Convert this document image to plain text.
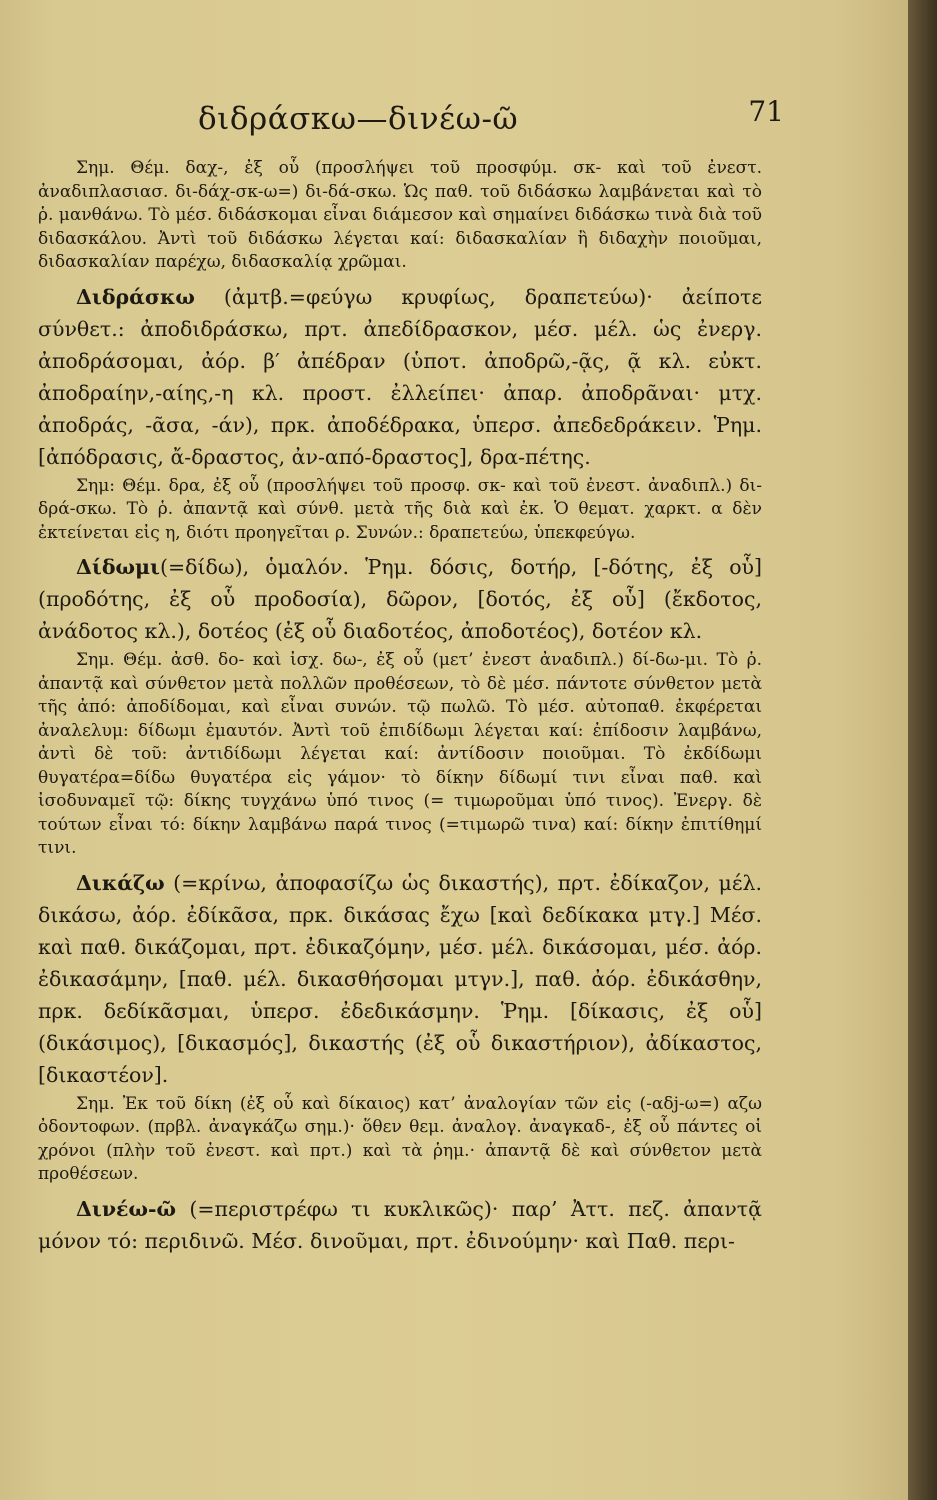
διδράσκω—δινέω-ῶ	71

Σημ. Θέμ. δαχ-, ἐξ οὗ (προσλήψει τοῦ προσφύμ. σκ- καὶ τοῦ ἐνεστ. ἀναδιπλασιασ. δι-δάχ-σκ-ω=) δι-δά-σκω. Ὡς παθ. τοῦ διδάσκω λαμβάνεται καὶ τὸ ῥ. μανθάνω. Τὸ μέσ. διδάσκομαι εἶναι διάμεσον καὶ σημαίνει διδάσκω τινὰ διὰ τοῦ διδασκάλου. Ἀντὶ τοῦ διδάσκω λέγεται καί: διδασκαλίαν ἢ διδαχὴν ποιοῦμαι, διδασκαλίαν παρέχω, διδασκαλίᾳ χρῶμαι.

Διδράσκω (ἀμτβ.=φεύγω κρυφίως, δραπετεύω)· ἀείποτε σύνθετ.: ἀποδιδράσκω, πρτ. ἀπεδίδρασκον, μέσ. μέλ. ὡς ἐνεργ. ἀποδράσομαι, ἀόρ. β′ ἀπέδραν (ὑποτ. ἀποδρῶ,-ᾷς, ᾷ κλ. εὐκτ. ἀποδραίην,-αίης,-η κλ. προστ. ἐλλείπει· ἀπαρ. ἀποδρᾶναι· μτχ. ἀποδράς, -ᾶσα, -άν), πρκ. ἀποδέδρακα, ὑπερσ. ἀπεδεδράκειν. Ῥημ. [ἀπόδρασις, ἄ-δραστος, ἀν-από-δραστος], δρα-πέτης.

Σημ: Θέμ. δρα, ἐξ οὗ (προσλήψει τοῦ προσφ. σκ- καὶ τοῦ ἐνεστ. ἀναδιπλ.) δι-δρά-σκω. Τὸ ῥ. ἀπαντᾷ καὶ σύνθ. μετὰ τῆς διὰ καὶ ἐκ. Ὁ θεματ. χαρκτ. α δὲν ἐκτείνεται εἰς η, διότι προηγεῖται ρ. Συνών.: δραπετεύω, ὑπεκφεύγω.

Δίδωμι(=δίδω), ὁμαλόν. Ῥημ. δόσις, δοτήρ, [-δότης, ἐξ οὗ] (προδότης, ἐξ οὗ προδοσία), δῶρον, [δοτός, ἐξ οὗ] (ἔκδοτος, ἀνάδοτος κλ.), δοτέος (ἐξ οὗ διαδοτέος, ἀποδοτέος), δοτέον κλ.

Σημ. Θέμ. ἀσθ. δο- καὶ ἰσχ. δω-, ἐξ οὗ (μετ’ ἐνεστ ἀναδιπλ.) δί-δω-μι. Τὸ ῥ. ἀπαντᾷ καὶ σύνθετον μετὰ πολλῶν προθέσεων, τὸ δὲ μέσ. πάντοτε σύνθετον μετὰ τῆς ἀπό: ἀποδίδομαι, καὶ εἶναι συνών. τῷ πωλῶ. Τὸ μέσ. αὐτοπαθ. ἐκφέρεται ἀναλελυμ: δίδωμι ἐμαυτόν. Ἀντὶ τοῦ ἐπιδίδωμι λέγεται καί: ἐπίδοσιν λαμβάνω, ἀντὶ δὲ τοῦ: ἀντιδίδωμι λέγεται καί: ἀντίδοσιν ποιοῦμαι. Τὸ ἐκδίδωμι θυγατέρα=δίδω θυγατέρα εἰς γάμον· τὸ δίκην δίδωμί τινι εἶναι παθ. καὶ ἰσοδυναμεῖ τῷ: δίκης τυγχάνω ὑπό τινος (= τιμωροῦμαι ὑπό τινος). Ἐνεργ. δὲ τούτων εἶναι τό: δίκην λαμβάνω παρά τινος (=τιμωρῶ τινα) καί: δίκην ἐπιτίθημί τινι.

Δικάζω (=κρίνω, ἀποφασίζω ὡς δικαστής), πρτ. ἐδίκαζον, μέλ. δικάσω, ἀόρ. ἐδίκᾶσα, πρκ. δικάσας ἔχω [καὶ δεδίκακα μτγ.] Μέσ. καὶ παθ. δικάζομαι, πρτ. ἐδικαζόμην, μέσ. μέλ. δικάσομαι, μέσ. ἀόρ. ἐδικασάμην, [παθ. μέλ. δικασθήσομαι μτγν.], παθ. ἀόρ. ἐδικάσθην, πρκ. δεδίκᾶσμαι, ὑπερσ. ἐδεδικάσμην. Ῥημ. [δίκασις, ἐξ οὗ] (δικάσιμος), [δικασμός], δικαστής (ἐξ οὗ δικαστήριον), ἀδίκαστος, [δικαστέον].

Σημ. Ἐκ τοῦ δίκη (ἐξ οὗ καὶ δίκαιος) κατ’ ἀναλογίαν τῶν εἰς (-αδj-ω=) αζω ὀδοντοφων. (πρβλ. ἀναγκάζω σημ.)· ὅθεν θεμ. ἀναλογ. ἀναγκαδ-, ἐξ οὗ πάντες οἱ χρόνοι (πλὴν τοῦ ἐνεστ. καὶ πρτ.) καὶ τὰ ῥημ.· ἀπαντᾷ δὲ καὶ σύνθετον μετὰ προθέσεων.

Δινέω-ῶ (=περιστρέφω τι κυκλικῶς)· παρ’ Ἀττ. πεζ. ἀπαντᾷ μόνον τό: περιδινῶ. Μέσ. δινοῦμαι, πρτ. ἐδινούμην· καὶ Παθ. περι-
